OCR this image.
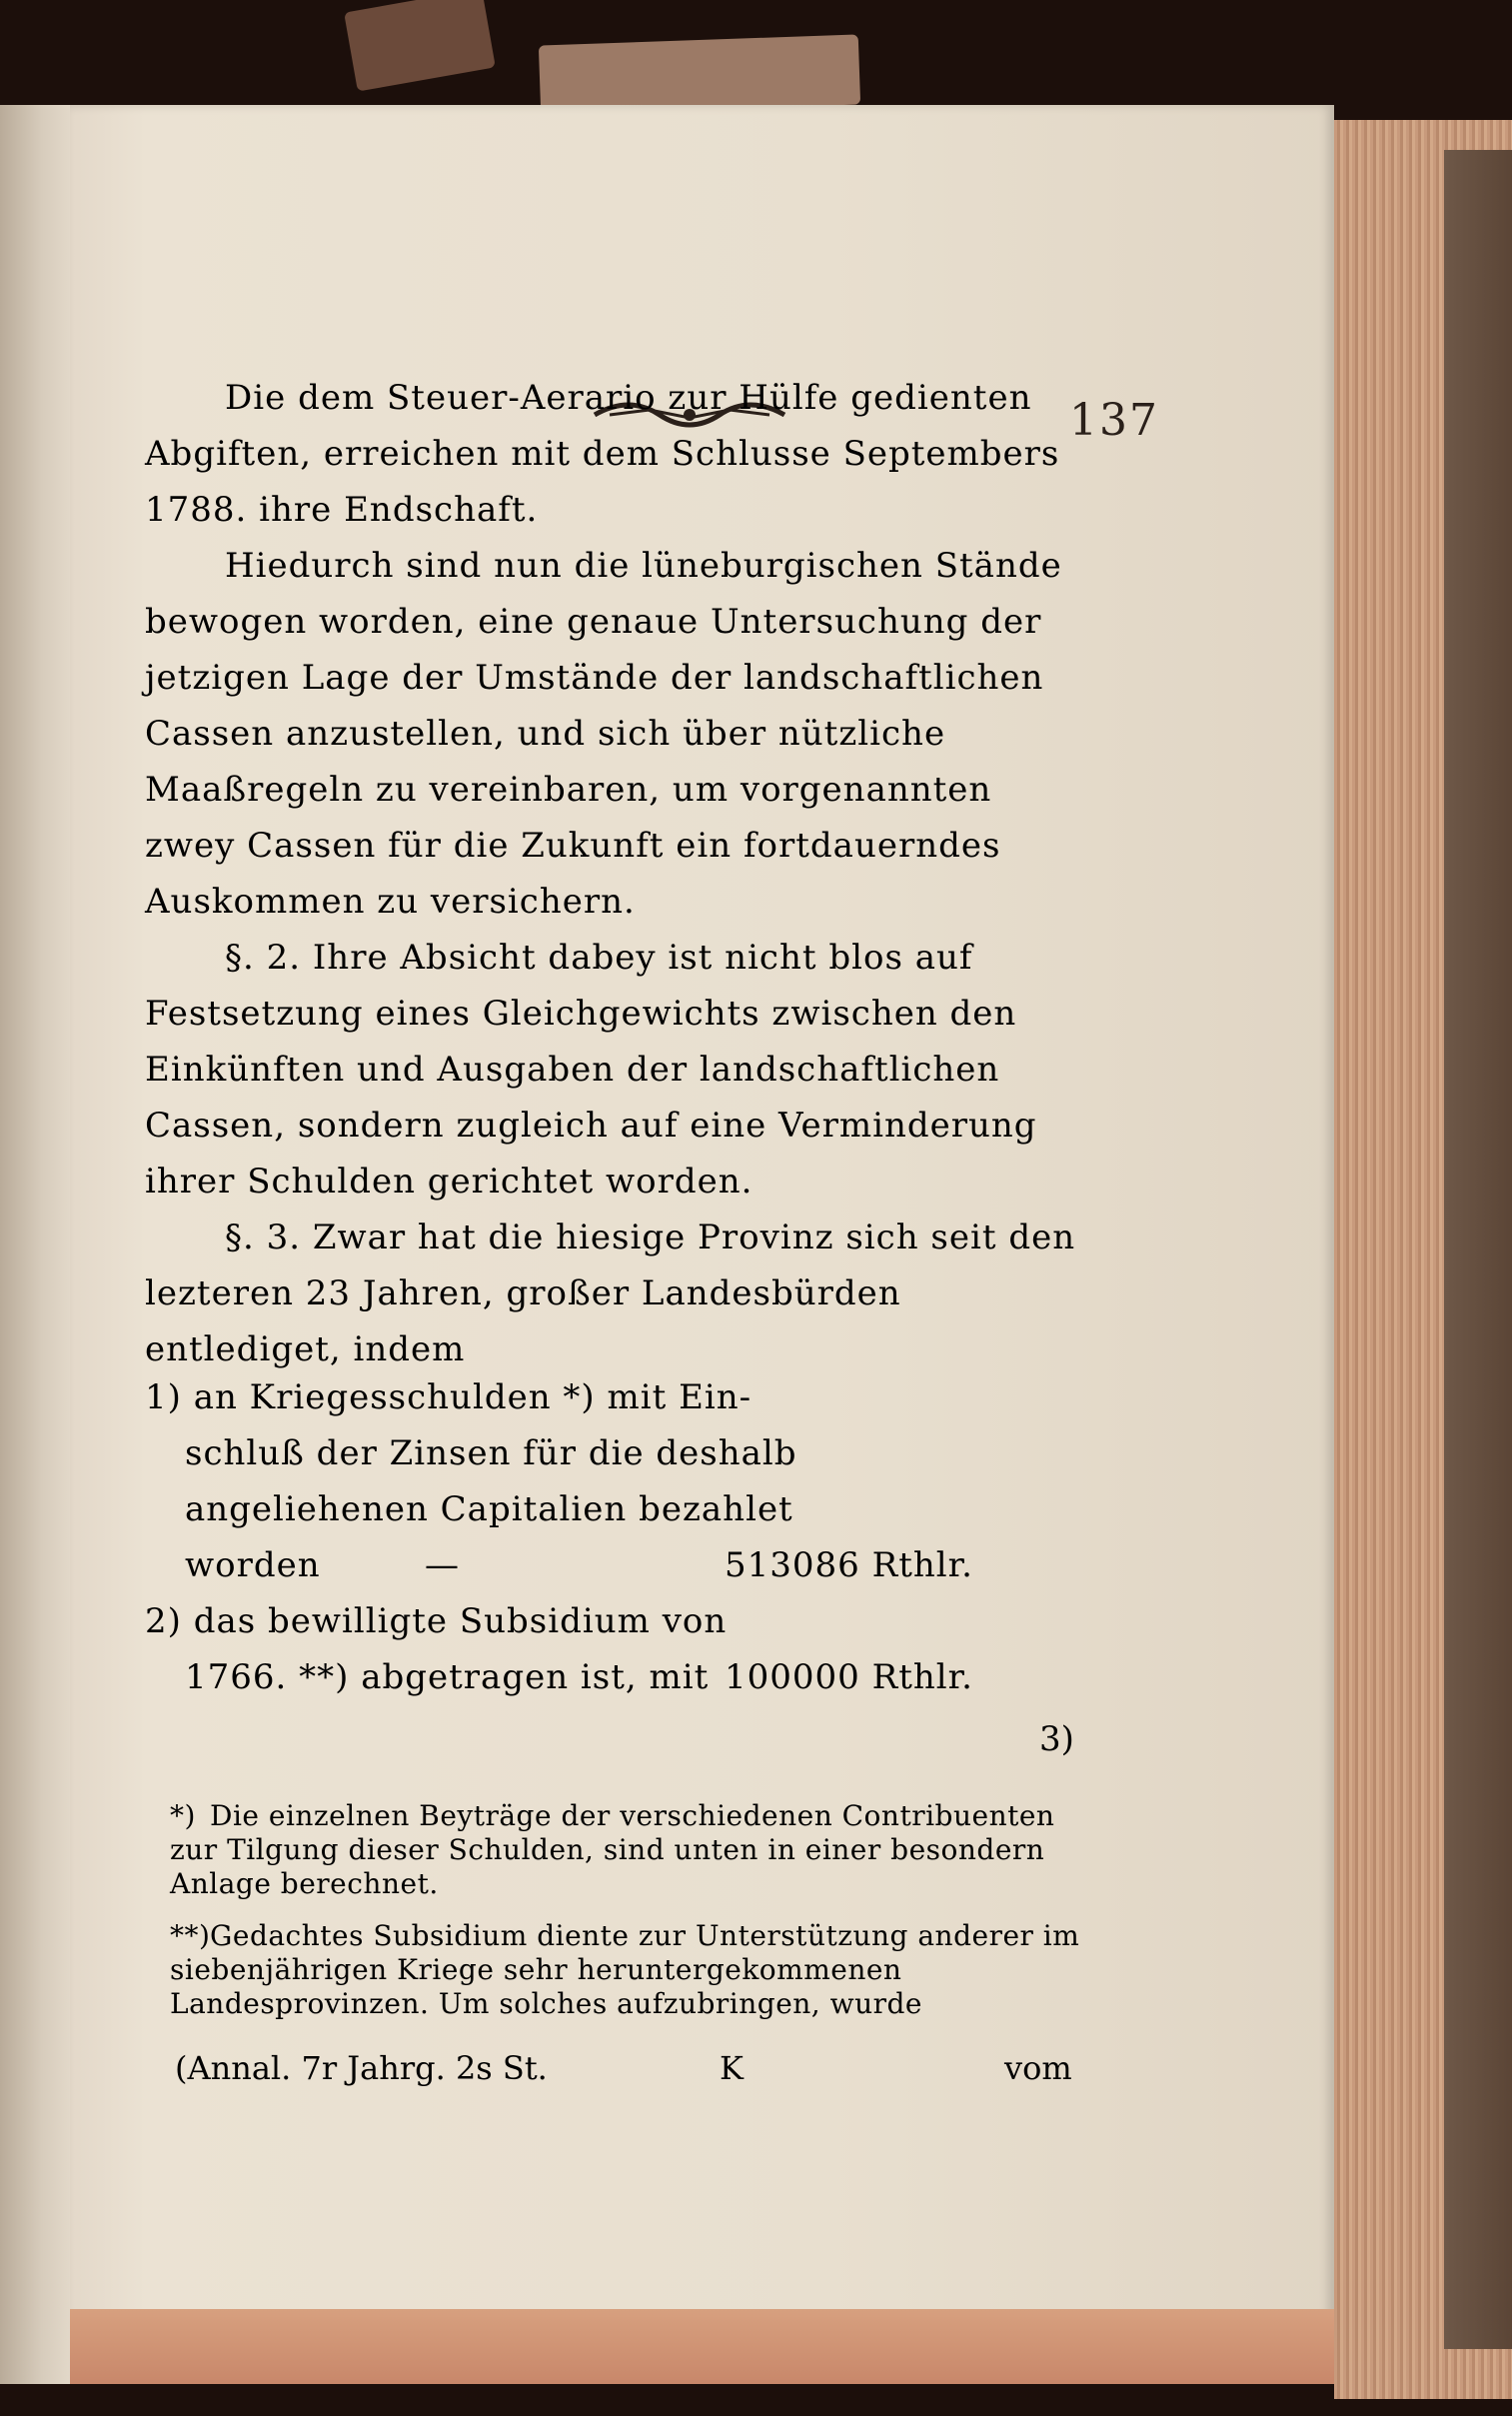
137

Die dem Steuer-Aerario zur Hülfe gedienten Abgiften, erreichen mit dem Schlusse Septembers 1788. ihre Endschaft.

Hiedurch sind nun die lüneburgischen Stände bewogen worden, eine genaue Untersuchung der jetzigen Lage der Umstände der landschaftlichen Cassen anzustellen, und sich über nützliche Maaßregeln zu vereinbaren, um vorgenannten zwey Cassen für die Zukunft ein fortdauerndes Auskommen zu versichern.

§. 2. Ihre Absicht dabey ist nicht blos auf Festsetzung eines Gleichgewichts zwischen den Einkünften und Ausgaben der landschaftlichen Cassen, sondern zugleich auf eine Verminderung ihrer Schulden gerichtet worden.

§. 3. Zwar hat die hiesige Provinz sich seit den lezteren 23 Jahren, großer Landesbürden entlediget, indem

1) an Kriegesschulden *) mit Ein-
schluß der Zinsen für die deshalb
angeliehenen Capitalien bezahlet
worden	—	513086 Rthlr.
2) das bewilligte Subsidium von
1766. **) abgetragen ist, mit 100000 Rthlr.
3)

*) Die einzelnen Beyträge der verschiedenen Contribuenten zur Tilgung dieser Schulden, sind unten in einer besondern Anlage berechnet.

**)Gedachtes Subsidium diente zur Unterstützung anderer im siebenjährigen Kriege sehr heruntergekommenen Landesprovinzen. Um solches aufzubringen, wurde

(Annal. 7r Jahrg. 2s St.	K	vom
